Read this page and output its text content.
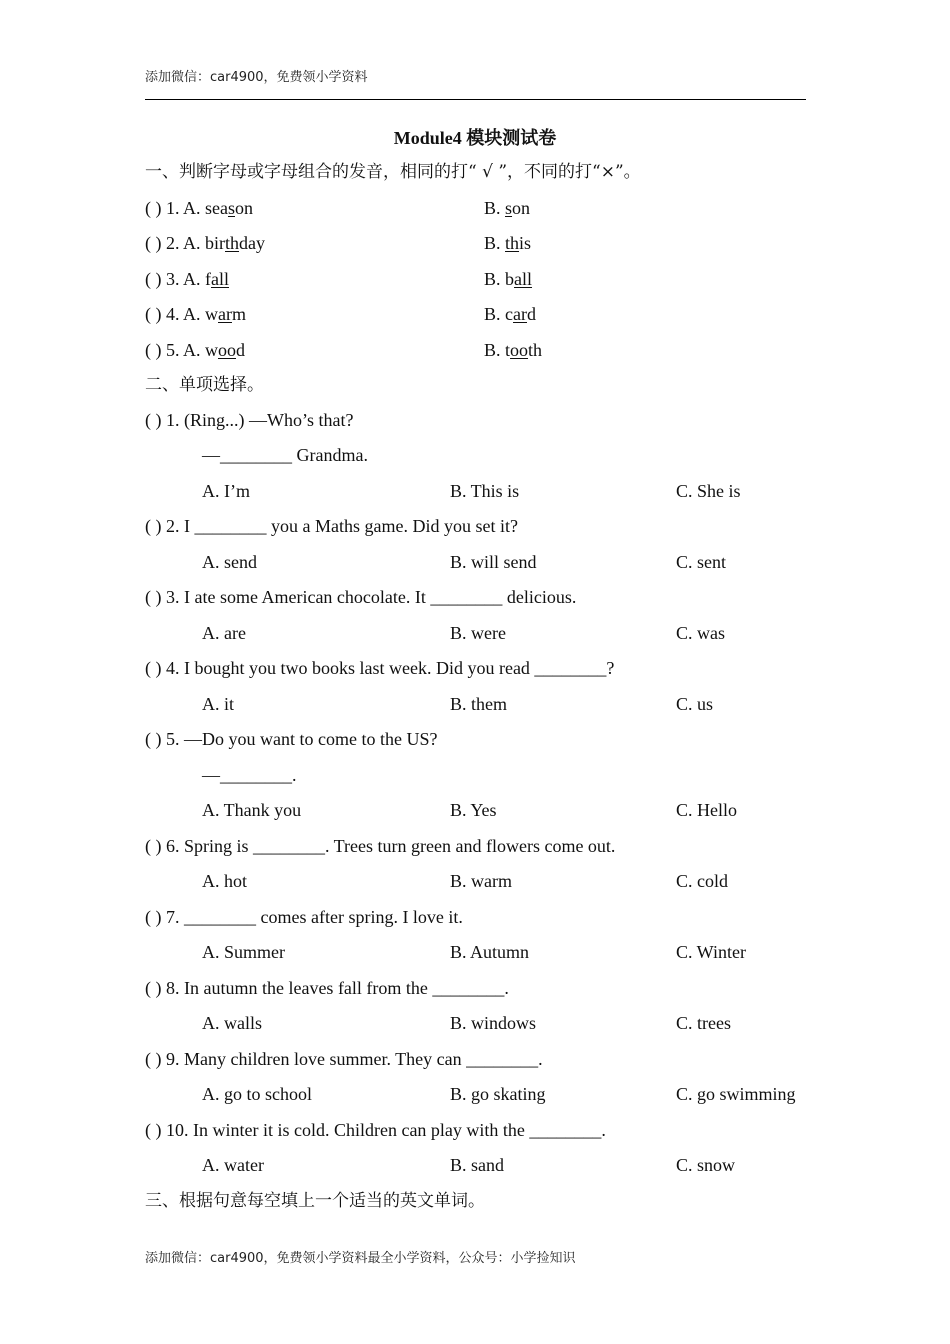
添加微信：car4900，免费领小学资料
Module4 模块测试卷
一、判断字母或字母组合的发音，相同的打“ √ ”，不同的打“×”。
( ) 1. A. season	B. son
( ) 2. A. birthday	B. this
( ) 3. A. fall	B. ball
( ) 4. A. warm	B. card
( ) 5. A. wood	B. tooth
二、单项选择。
( ) 1. (Ring...) —Who’s that?
—________ Grandma.
A. I’m	B. This is	C. She is
( ) 2. I ________ you a Maths game. Did you set it?
A. send	B. will send	C. sent
( ) 3. I ate some American chocolate. It ________ delicious.
A. are	B. were	C. was
( ) 4. I bought you two books last week. Did you read ________?
A. it	B. them	C. us
( ) 5. —Do you want to come to the US?
—________.
A. Thank you	B. Yes	C. Hello
( ) 6. Spring is ________. Trees turn green and flowers come out.
A. hot	B. warm	C. cold
( ) 7. ________ comes after spring. I love it.
A. Summer	B. Autumn	C. Winter
( ) 8. In autumn the leaves fall from the ________.
A. walls	B. windows	C. trees
( ) 9. Many children love summer. They can ________.
A. go to school	B. go skating	C. go swimming
( ) 10. In winter it is cold. Children can play with the ________.
A. water	B. sand	C. snow
三、根据句意每空填上一个适当的英文单词。
添加微信：car4900，免费领小学资料最全小学资料，公众号：小学捡知识
